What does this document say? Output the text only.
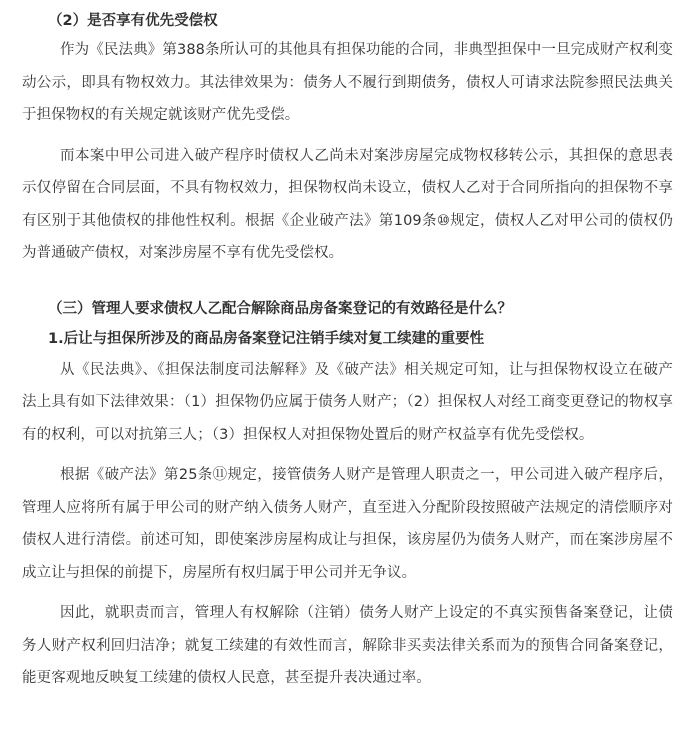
（2）是否享有优先受偿权

作为《民法典》第388条所认可的其他具有担保功能的合同，非典型担保中一旦完成财产权利变动公示，即具有物权效力。其法律效果为：债务人不履行到期债务，债权人可请求法院参照民法典关于担保物权的有关规定就该财产优先受偿。

而本案中甲公司进入破产程序时债权人乙尚未对案涉房屋完成物权移转公示，其担保的意思表示仅停留在合同层面，不具有物权效力，担保物权尚未设立，债权人乙对于合同所指向的担保物不享有区别于其他债权的排他性权利。根据《企业破产法》第109条⑩规定，债权人乙对甲公司的债权仍为普通破产债权，对案涉房屋不享有优先受偿权。

（三）管理人要求债权人乙配合解除商品房备案登记的有效路径是什么？
1.后让与担保所涉及的商品房备案登记注销手续对复工续建的重要性

从《民法典》、《担保法制度司法解释》及《破产法》相关规定可知，让与担保物权设立在破产法上具有如下法律效果：（1）担保物仍应属于债务人财产；（2）担保权人对经工商变更登记的物权享有的权利，可以对抗第三人；（3）担保权人对担保物处置后的财产权益享有优先受偿权。

根据《破产法》第25条⑪规定，接管债务人财产是管理人职责之一，甲公司进入破产程序后，管理人应将所有属于甲公司的财产纳入债务人财产，直至进入分配阶段按照破产法规定的清偿顺序对债权人进行清偿。前述可知，即使案涉房屋构成让与担保，该房屋仍为债务人财产，而在案涉房屋不成立让与担保的前提下，房屋所有权归属于甲公司并无争议。

因此，就职责而言，管理人有权解除（注销）债务人财产上设定的不真实预售备案登记，让债务人财产权利回归洁净；就复工续建的有效性而言，解除非买卖法律关系而为的预售合同备案登记，能更客观地反映复工续建的债权人民意，甚至提升表决通过率。
